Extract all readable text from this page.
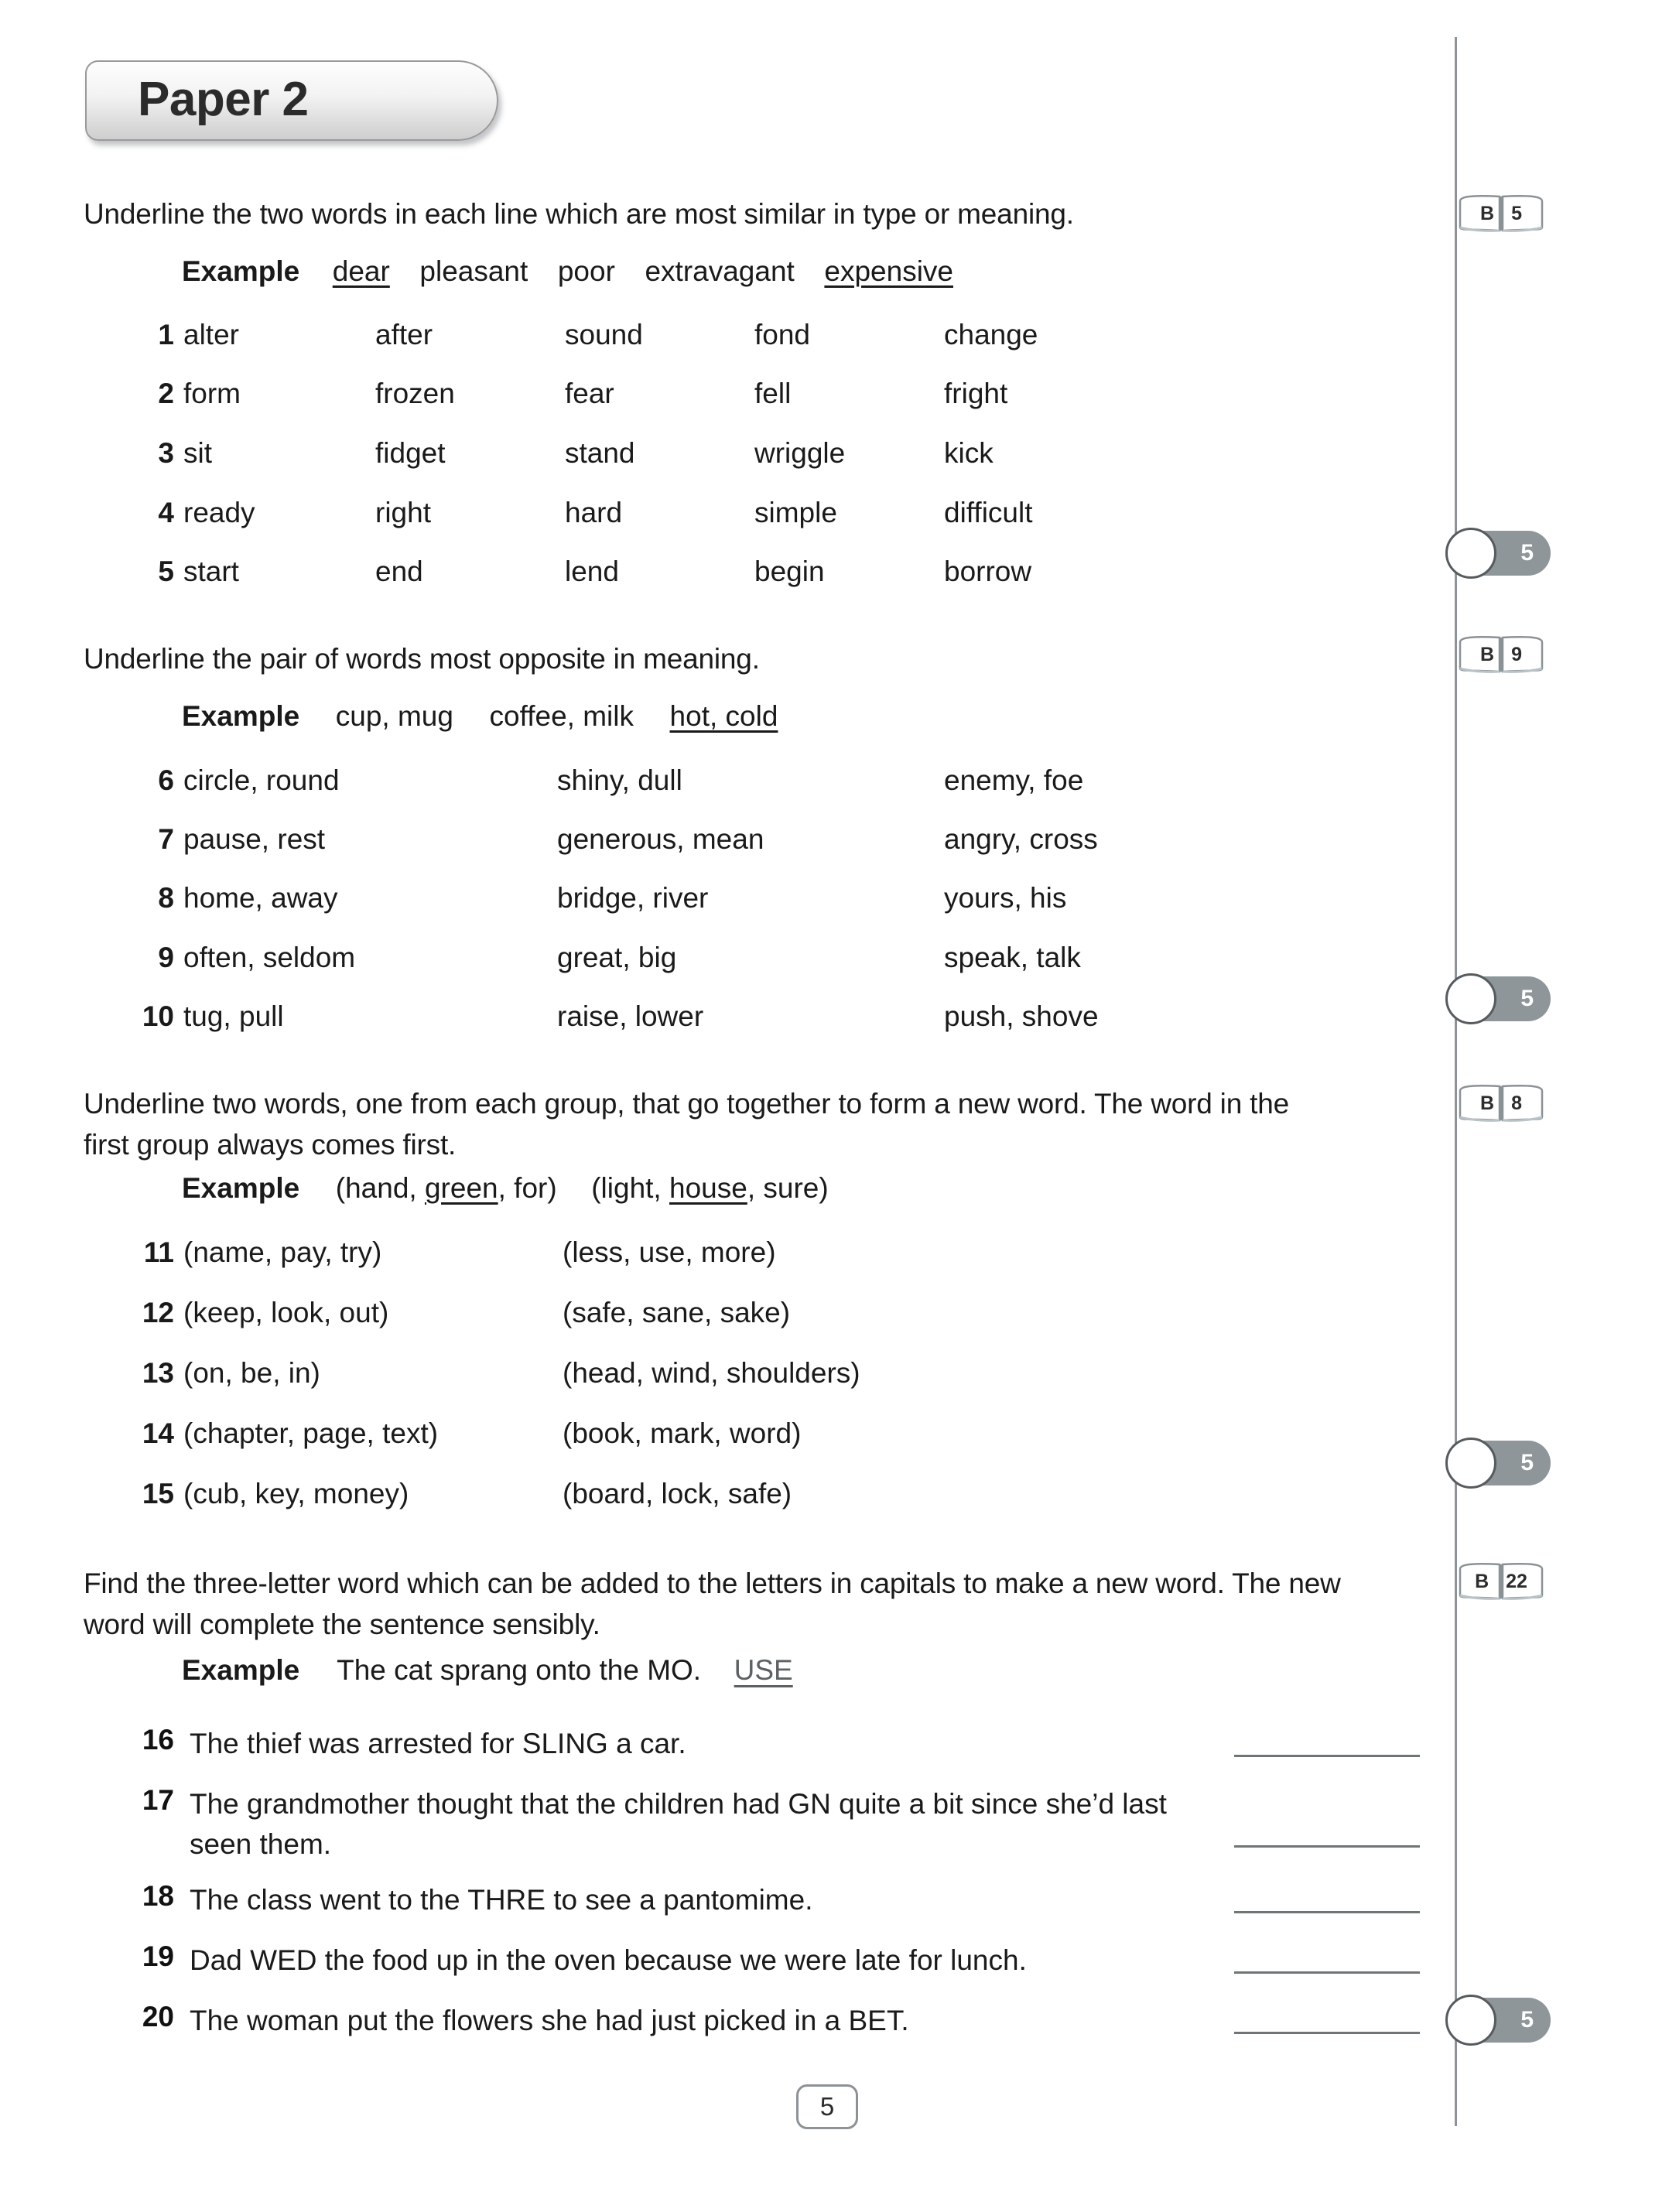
Paper 2
Underline the two words in each line which are most similar in type or meaning.
Example dear pleasant poor extravagant expensive
1 alter	after	sound	fond	change
2 form	frozen	fear	fell	fright
3 sit	fidget	stand	wriggle	kick
4 ready	right	hard	simple	difficult
5 start	end	lend	begin	borrow
Underline the pair of words most opposite in meaning.
Example cup, mug coffee, milk hot, cold
6 circle, round	shiny, dull	enemy, foe
7 pause, rest	generous, mean	angry, cross
8 home, away	bridge, river	yours, his
9 often, seldom	great, big	speak, talk
10 tug, pull	raise, lower	push, shove
Underline two words, one from each group, that go together to form a new word. The word in the first group always comes first.
Example (hand, green, for) (light, house, sure)
11 (name, pay, try)	(less, use, more)
12 (keep, look, out)	(safe, sane, sake)
13 (on, be, in)	(head, wind, shoulders)
14 (chapter, page, text)	(book, mark, word)
15 (cub, key, money)	(board, lock, safe)
Find the three-letter word which can be added to the letters in capitals to make a new word. The new word will complete the sentence sensibly.
Example The cat sprang onto the MO. USE
16 The thief was arrested for SLING a car.
17 The grandmother thought that the children had GN quite a bit since she’d last seen them.
18 The class went to the THRE to see a pantomime.
19 Dad WED the food up in the oven because we were late for lunch.
20 The woman put the flowers she had just picked in a BET.
B 5
5
B 9
5
B 8
5
B 22
5
5
